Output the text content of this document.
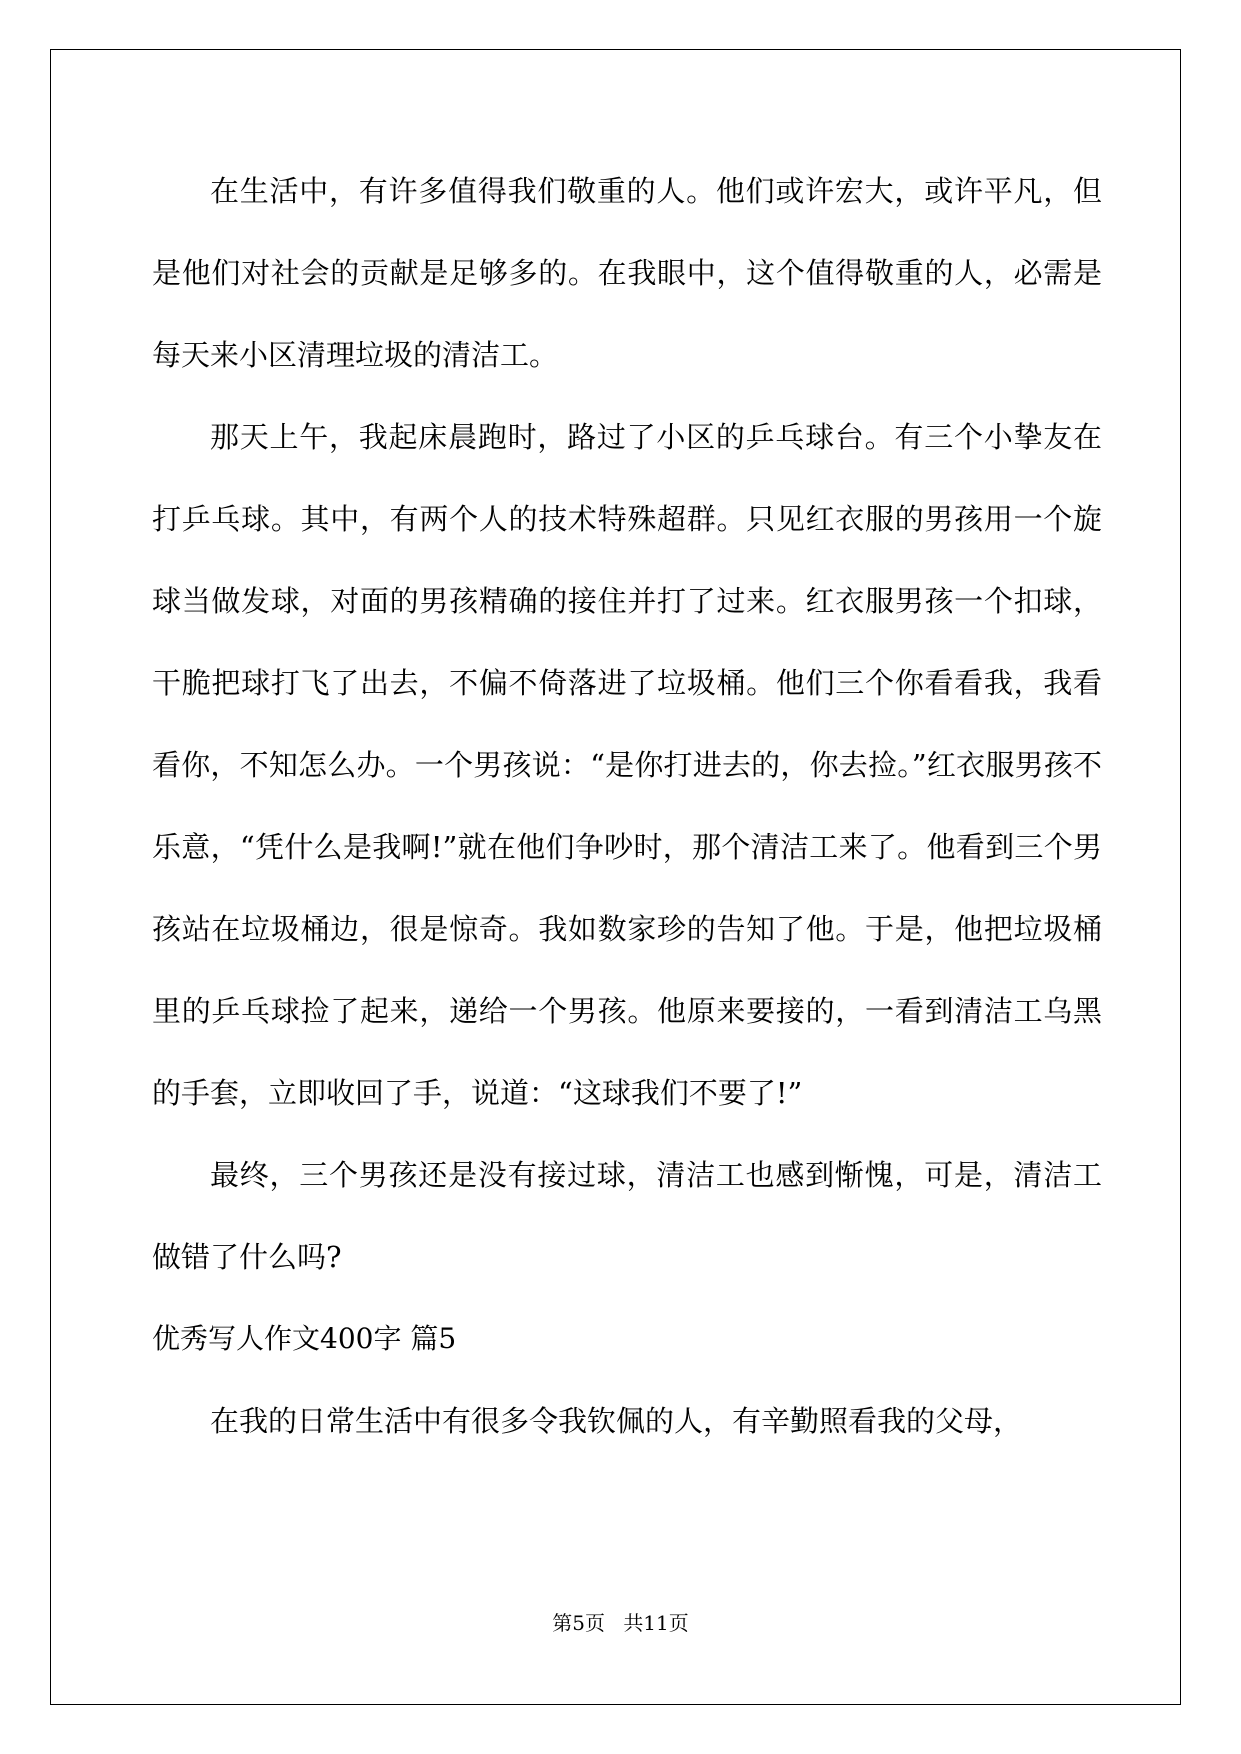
在生活中，有许多值得我们敬重的人。他们或许宏大，或许平凡，但是他们对社会的贡献是足够多的。在我眼中，这个值得敬重的人，必需是每天来小区清理垃圾的清洁工。

那天上午，我起床晨跑时，路过了小区的乒乓球台。有三个小挚友在打乒乓球。其中，有两个人的技术特殊超群。只见红衣服的男孩用一个旋球当做发球，对面的男孩精确的接住并打了过来。红衣服男孩一个扣球，干脆把球打飞了出去，不偏不倚落进了垃圾桶。他们三个你看看我，我看看你，不知怎么办。一个男孩说：“是你打进去的，你去捡。”红衣服男孩不乐意，“凭什么是我啊!”就在他们争吵时，那个清洁工来了。他看到三个男孩站在垃圾桶边，很是惊奇。我如数家珍的告知了他。于是，他把垃圾桶里的乒乓球捡了起来，递给一个男孩。他原来要接的，一看到清洁工乌黑的手套，立即收回了手，说道：“这球我们不要了!”

最终，三个男孩还是没有接过球，清洁工也感到惭愧，可是，清洁工做错了什么吗?

优秀写人作文400字 篇5

在我的日常生活中有很多令我钦佩的人，有辛勤照看我的父母，

第5页 共11页
